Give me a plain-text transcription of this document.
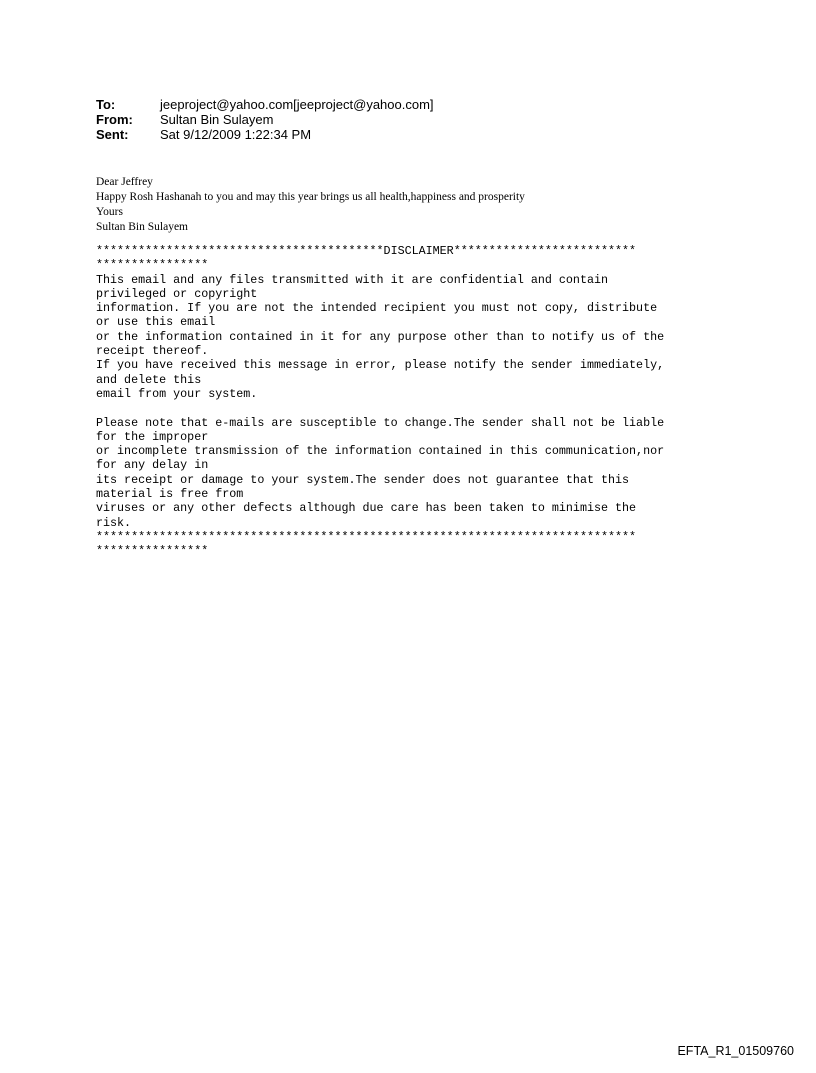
To:	jeeproject@yahoo.com[jeeproject@yahoo.com]
From:	Sultan Bin Sulayem
Sent:	Sat 9/12/2009 1:22:34 PM
Dear Jeffrey
Happy Rosh Hashanah to you and may this year brings us all health,happiness and prosperity
Yours
Sultan Bin Sulayem
*****************************************DISCLAIMER**************************
****************
This email and any files transmitted with it are confidential and contain
privileged or copyright
information. If you are not the intended recipient you must not copy, distribute
or use this email
or the information contained in it for any purpose other than to notify us of the
receipt thereof.
If you have received this message in error, please notify the sender immediately,
and delete this
email from your system.
Please note that e-mails are susceptible to change.The sender shall not be liable
for the improper
or incomplete transmission of the information contained in this communication,nor
for any delay in
its receipt or damage to your system.The sender does not guarantee that this
material is free from
viruses or any other defects although due care has been taken to minimise the
risk.
*****************************************************************************
****************
EFTA_R1_01509760
